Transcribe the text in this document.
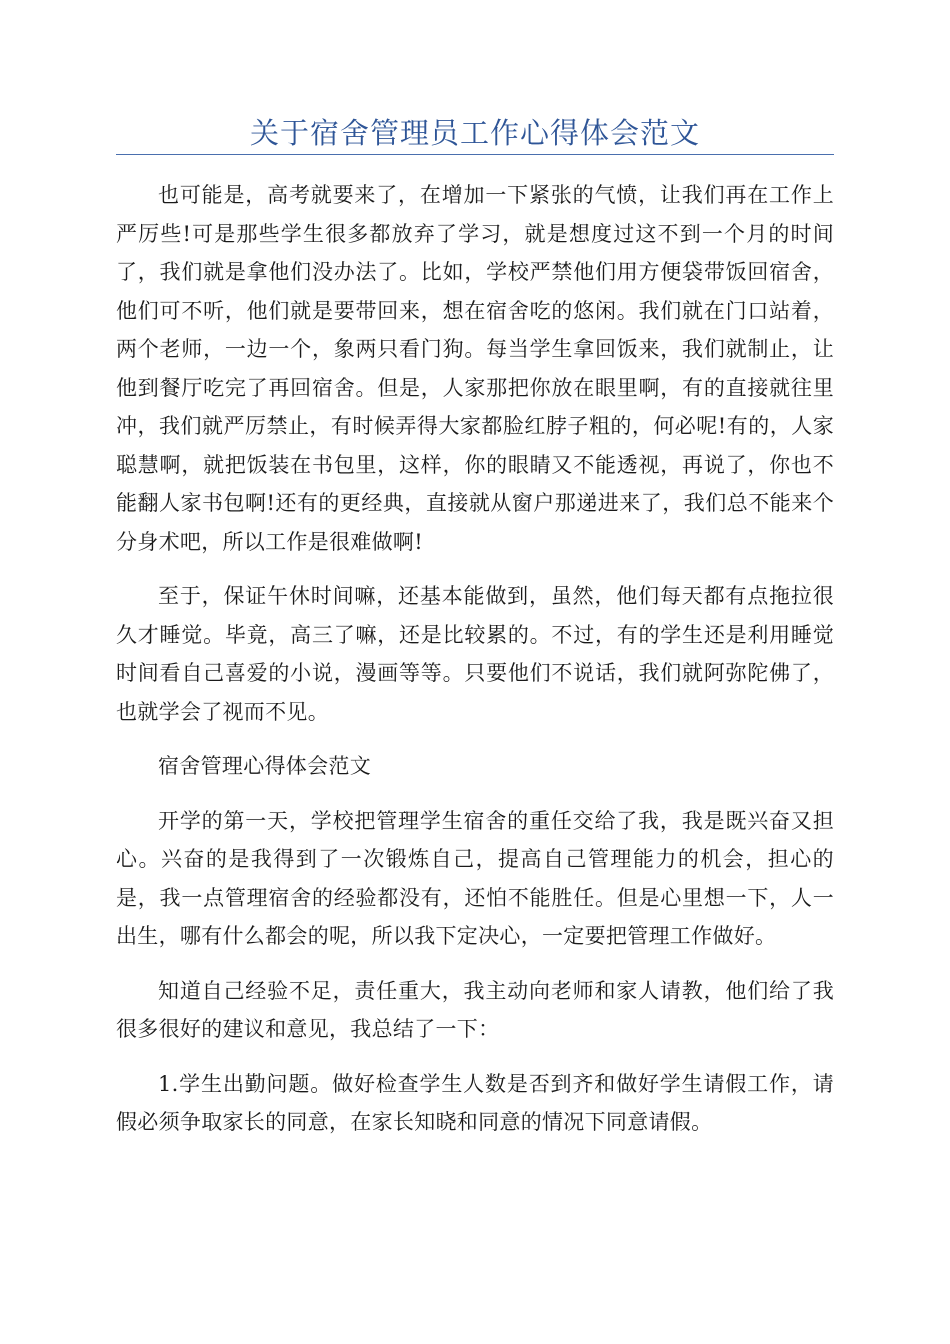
关于宿舍管理员工作心得体会范文

也可能是，高考就要来了，在增加一下紧张的气愤，让我们再在工作上严厉些!可是那些学生很多都放弃了学习，就是想度过这不到一个月的时间了，我们就是拿他们没办法了。比如，学校严禁他们用方便袋带饭回宿舍，他们可不听，他们就是要带回来，想在宿舍吃的悠闲。我们就在门口站着，两个老师，一边一个，象两只看门狗。每当学生拿回饭来，我们就制止，让他到餐厅吃完了再回宿舍。但是，人家那把你放在眼里啊，有的直接就往里冲，我们就严厉禁止，有时候弄得大家都脸红脖子粗的，何必呢!有的，人家聪慧啊，就把饭装在书包里，这样，你的眼睛又不能透视，再说了，你也不能翻人家书包啊!还有的更经典，直接就从窗户那递进来了，我们总不能来个分身术吧，所以工作是很难做啊!

至于，保证午休时间嘛，还基本能做到，虽然，他们每天都有点拖拉很久才睡觉。毕竟，高三了嘛，还是比较累的。不过，有的学生还是利用睡觉时间看自己喜爱的小说，漫画等等。只要他们不说话，我们就阿弥陀佛了，也就学会了视而不见。

宿舍管理心得体会范文

开学的第一天，学校把管理学生宿舍的重任交给了我，我是既兴奋又担心。兴奋的是我得到了一次锻炼自己，提高自己管理能力的机会，担心的是，我一点管理宿舍的经验都没有，还怕不能胜任。但是心里想一下，人一出生，哪有什么都会的呢，所以我下定决心，一定要把管理工作做好。

知道自己经验不足，责任重大，我主动向老师和家人请教，他们给了我很多很好的建议和意见，我总结了一下：

1.学生出勤问题。做好检查学生人数是否到齐和做好学生请假工作，请假必须争取家长的同意，在家长知晓和同意的情况下同意请假。
